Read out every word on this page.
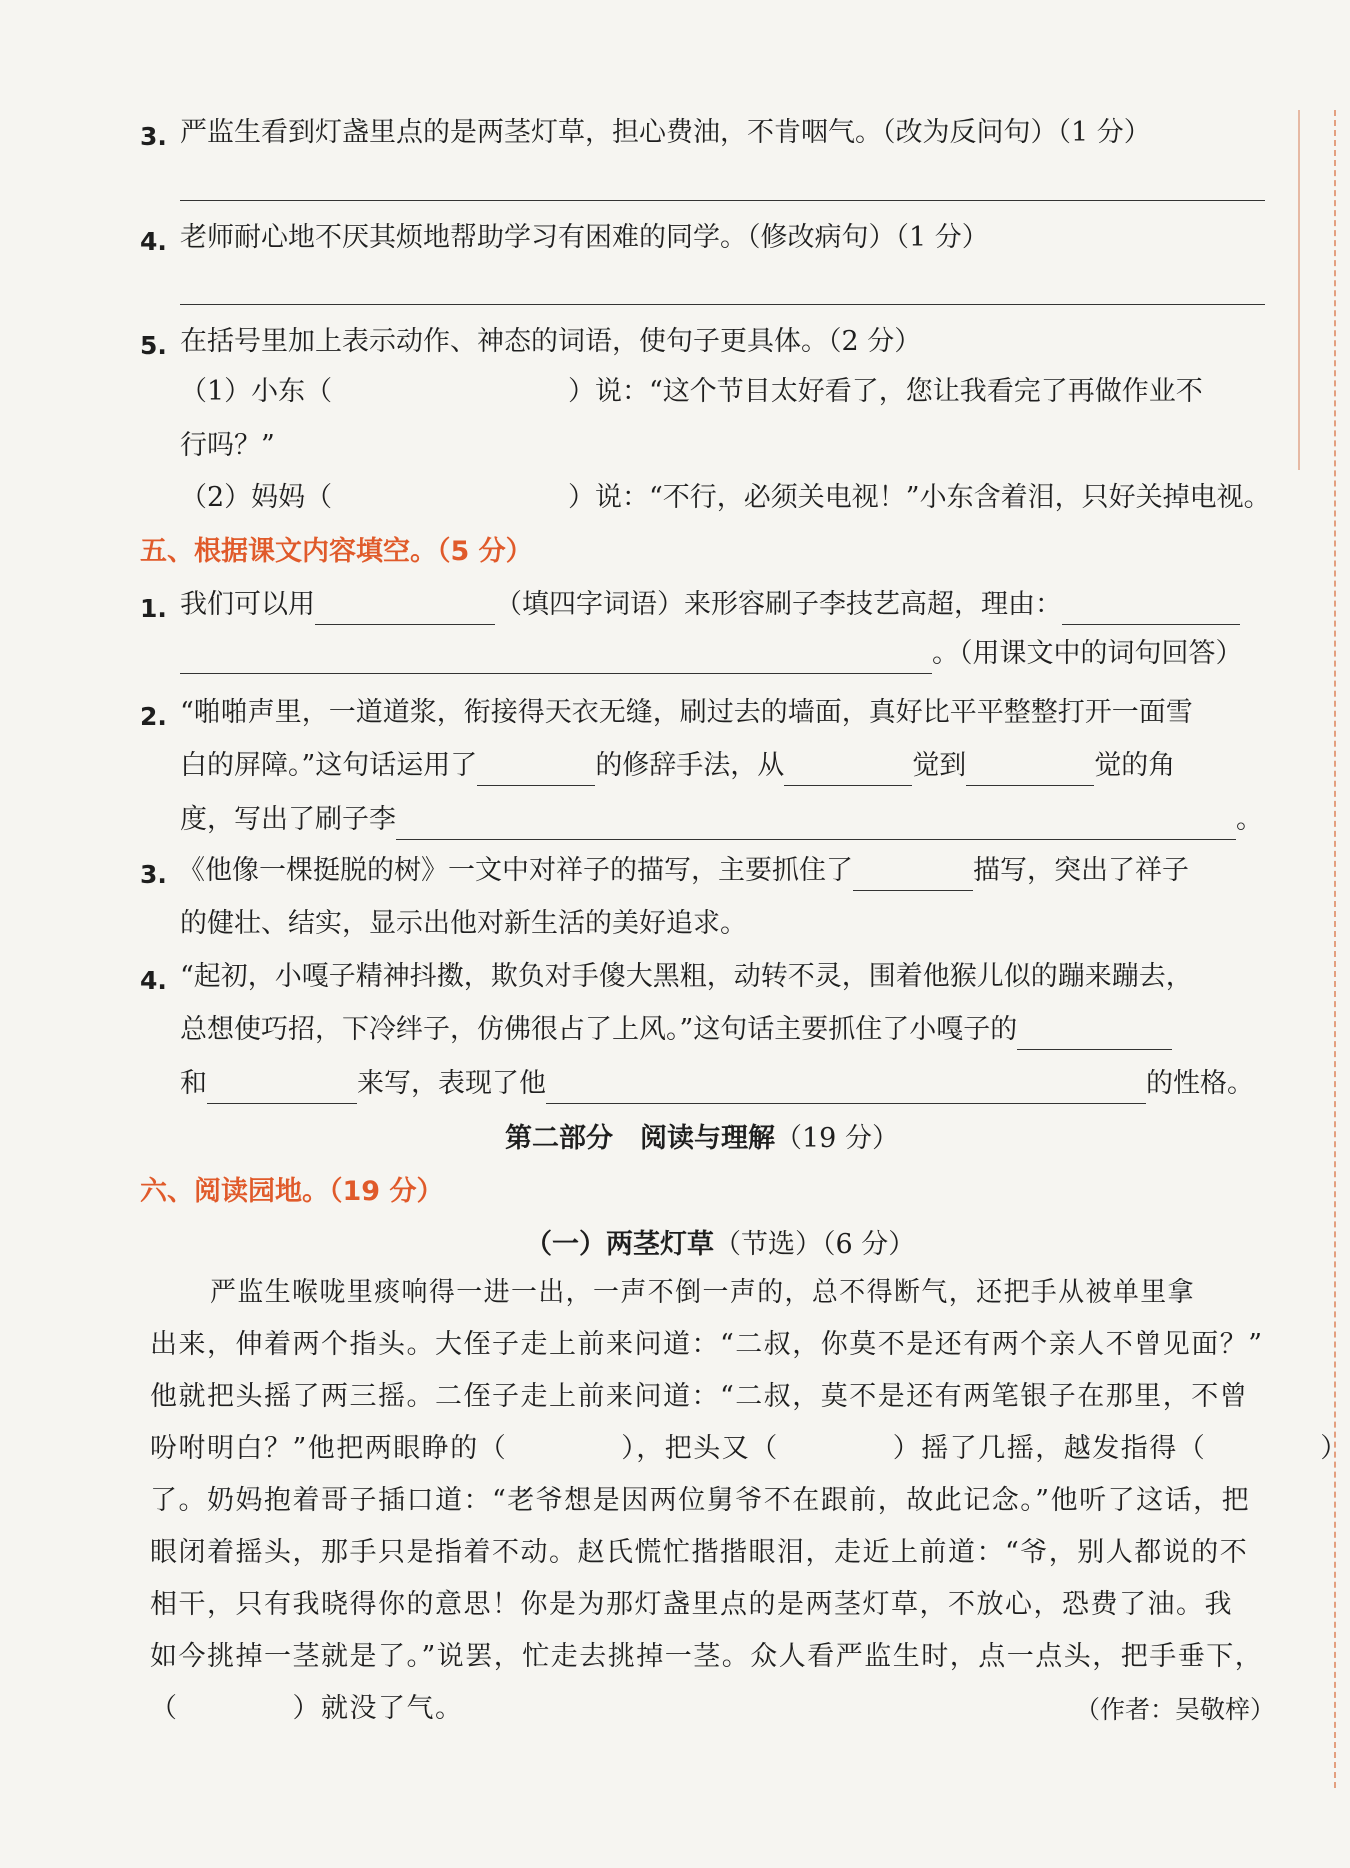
3. 严监生看到灯盏里点的是两茎灯草，担心费油，不肯咽气。（改为反问句）（1 分）
4. 老师耐心地不厌其烦地帮助学习有困难的同学。（修改病句）（1 分）
5. 在括号里加上表示动作、神态的词语，使句子更具体。（2 分）
（1）小东（	）说：“这个节目太好看了，您让我看完了再做作业不
行吗？”
（2）妈妈（	）说：“不行，必须关电视！”小东含着泪，只好关掉电视。
五、根据课文内容填空。（5 分）
1. 我们可以用	（填四字词语）来形容刷子李技艺高超，理由：
。（用课文中的词句回答）
2. “啪啪声里，一道道浆，衔接得天衣无缝，刷过去的墙面，真好比平平整整打开一面雪
白的屏障。”这句话运用了	的修辞手法，从	觉到	觉的角
度，写出了刷子李	。
3. 《他像一棵挺脱的树》一文中对祥子的描写，主要抓住了	描写，突出了祥子
的健壮、结实，显示出他对新生活的美好追求。
4. “起初，小嘎子精神抖擞，欺负对手傻大黑粗，动转不灵，围着他猴儿似的蹦来蹦去，
总想使巧招，下冷绊子，仿佛很占了上风。”这句话主要抓住了小嘎子的
和	来写，表现了他	的性格。
第二部分　阅读与理解（19 分）
六、阅读园地。（19 分）
（一）两茎灯草（节选）（6 分）
严监生喉咙里痰响得一进一出，一声不倒一声的，总不得断气，还把手从被单里拿
出来，伸着两个指头。大侄子走上前来问道：“二叔，你莫不是还有两个亲人不曾见面？”
他就把头摇了两三摇。二侄子走上前来问道：“二叔，莫不是还有两笔银子在那里，不曾
吩咐明白？”他把两眼睁的（　　　　），把头又（　　　　）摇了几摇，越发指得（　　　　）
了。奶妈抱着哥子插口道：“老爷想是因两位舅爷不在跟前，故此记念。”他听了这话，把
眼闭着摇头，那手只是指着不动。赵氏慌忙揩揩眼泪，走近上前道：“爷，别人都说的不
相干，只有我晓得你的意思！你是为那灯盏里点的是两茎灯草，不放心，恐费了油。我
如今挑掉一茎就是了。”说罢，忙走去挑掉一茎。众人看严监生时，点一点头，把手垂下，
（　　　　）就没了气。	（作者：吴敬梓）
